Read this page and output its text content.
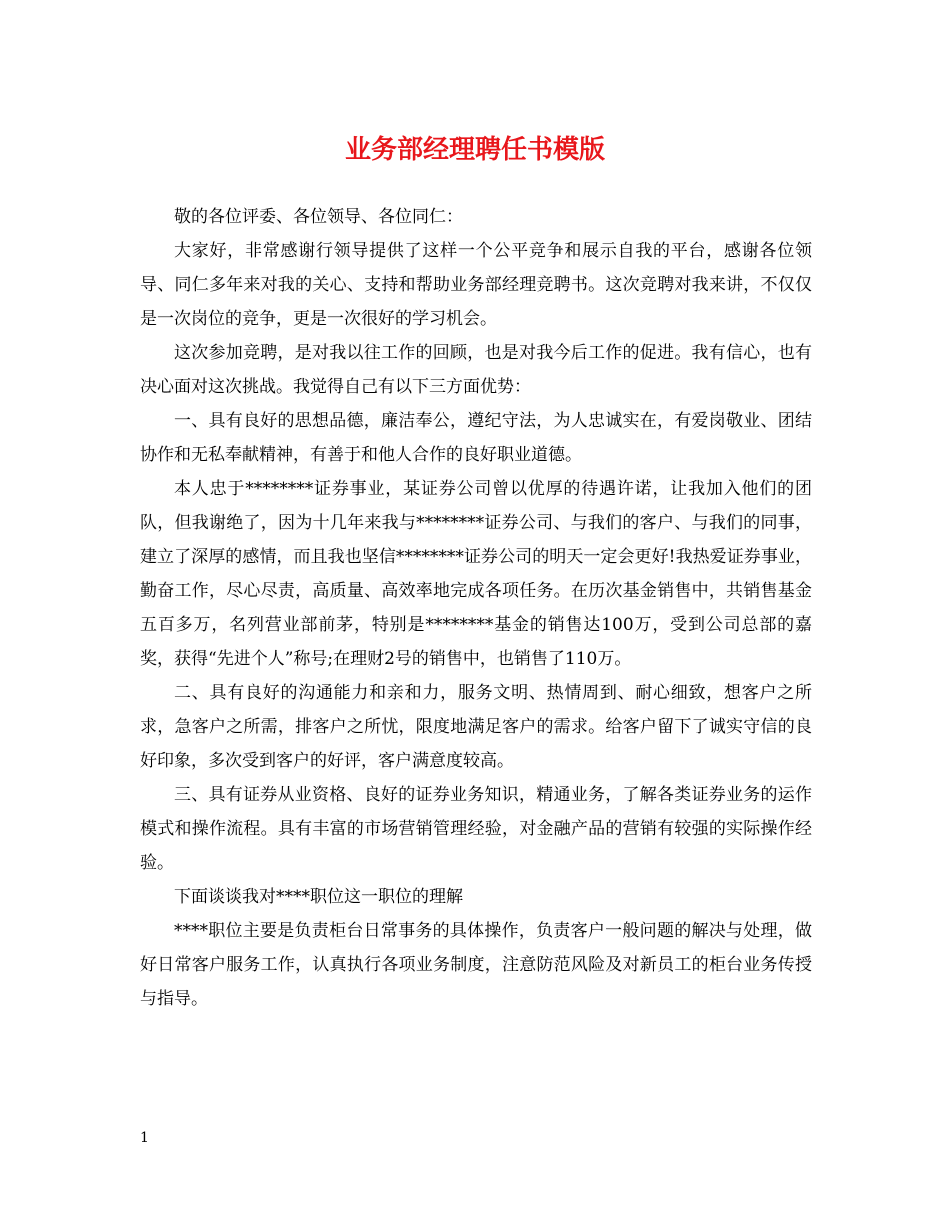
业务部经理聘任书模版

敬的各位评委、各位领导、各位同仁：

大家好，非常感谢行领导提供了这样一个公平竞争和展示自我的平台，感谢各位领导、同仁多年来对我的关心、支持和帮助业务部经理竞聘书。这次竞聘对我来讲，不仅仅是一次岗位的竞争，更是一次很好的学习机会。

这次参加竞聘，是对我以往工作的回顾，也是对我今后工作的促进。我有信心，也有决心面对这次挑战。我觉得自己有以下三方面优势：

一、具有良好的思想品德，廉洁奉公，遵纪守法，为人忠诚实在，有爱岗敬业、团结协作和无私奉献精神，有善于和他人合作的良好职业道德。

本人忠于********证券事业，某证券公司曾以优厚的待遇许诺，让我加入他们的团队，但我谢绝了，因为十几年来我与********证券公司、与我们的客户、与我们的同事，建立了深厚的感情，而且我也坚信********证券公司的明天一定会更好!我热爱证券事业，勤奋工作，尽心尽责，高质量、高效率地完成各项任务。在历次基金销售中，共销售基金五百多万，名列营业部前茅，特别是********基金的销售达100万，受到公司总部的嘉奖，获得“先进个人”称号;在理财2号的销售中，也销售了110万。

二、具有良好的沟通能力和亲和力，服务文明、热情周到、耐心细致，想客户之所求，急客户之所需，排客户之所忧，限度地满足客户的需求。给客户留下了诚实守信的良好印象，多次受到客户的好评，客户满意度较高。

三、具有证券从业资格、良好的证券业务知识，精通业务，了解各类证券业务的运作模式和操作流程。具有丰富的市场营销管理经验，对金融产品的营销有较强的实际操作经验。

下面谈谈我对****职位这一职位的理解

****职位主要是负责柜台日常事务的具体操作，负责客户一般问题的解决与处理，做好日常客户服务工作，认真执行各项业务制度，注意防范风险及对新员工的柜台业务传授与指导。

1
